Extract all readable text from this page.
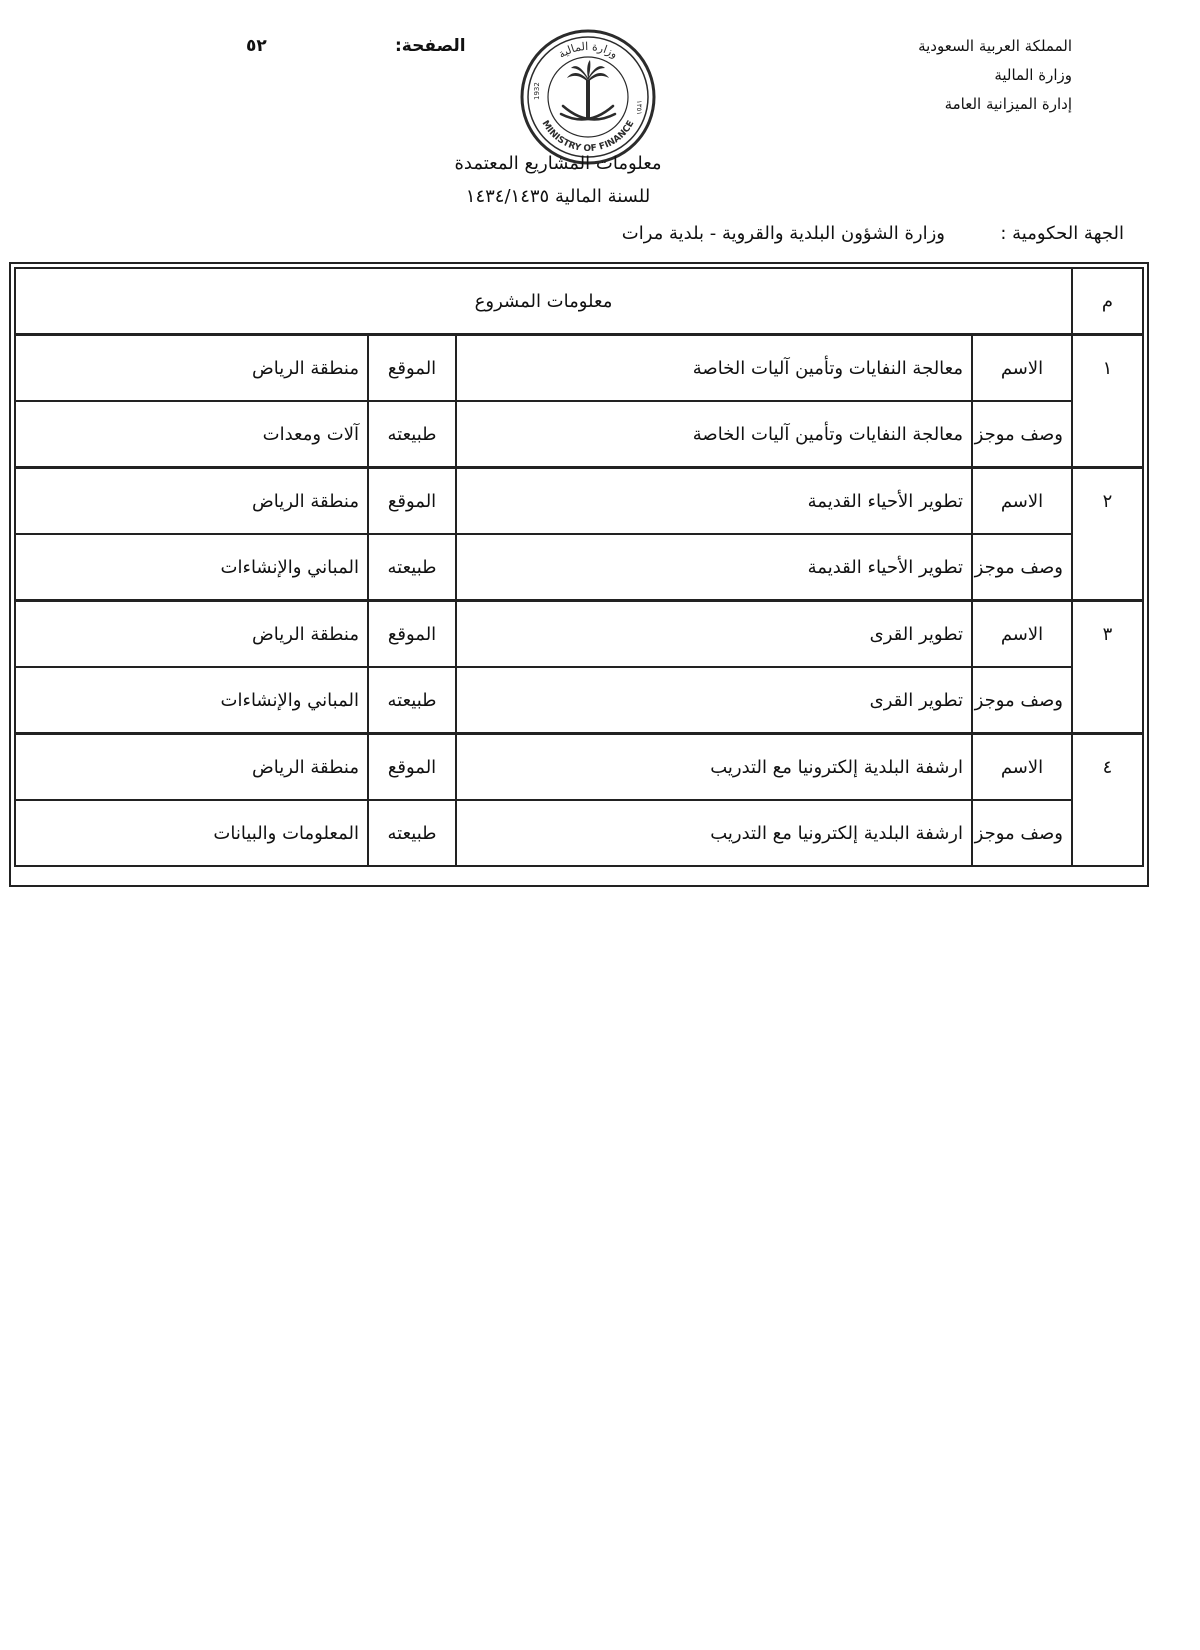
المملكة العربية السعودية
وزارة المالية
إدارة الميزانية العامة
الصفحة:
٥٢	وزارة المالية
MINISTRY OF FINANCE
1932
١٣٥١
معلومات المشاريع المعتمدة
للسنة المالية ١٤٣٤/١٤٣٥
الجهة الحكومية :
وزارة الشؤون البلدية والقروية - بلدية مرات
م	معلومات المشروع			
١	الاسم	معالجة النفايات وتأمين آليات الخاصة	الموقع	منطقة الرياض
	وصف موجز	معالجة النفايات وتأمين آليات الخاصة	طبيعته	آلات ومعدات
٢	الاسم	تطوير الأحياء القديمة	الموقع	منطقة الرياض
	وصف موجز	تطوير الأحياء القديمة	طبيعته	المباني والإنشاءات
٣	الاسم	تطوير القرى	الموقع	منطقة الرياض
	وصف موجز	تطوير القرى	طبيعته	المباني والإنشاءات
٤	الاسم	ارشفة البلدية إلكترونيا مع التدريب	الموقع	منطقة الرياض
	وصف موجز	ارشفة البلدية إلكترونيا مع التدريب	طبيعته	المعلومات والبيانات
